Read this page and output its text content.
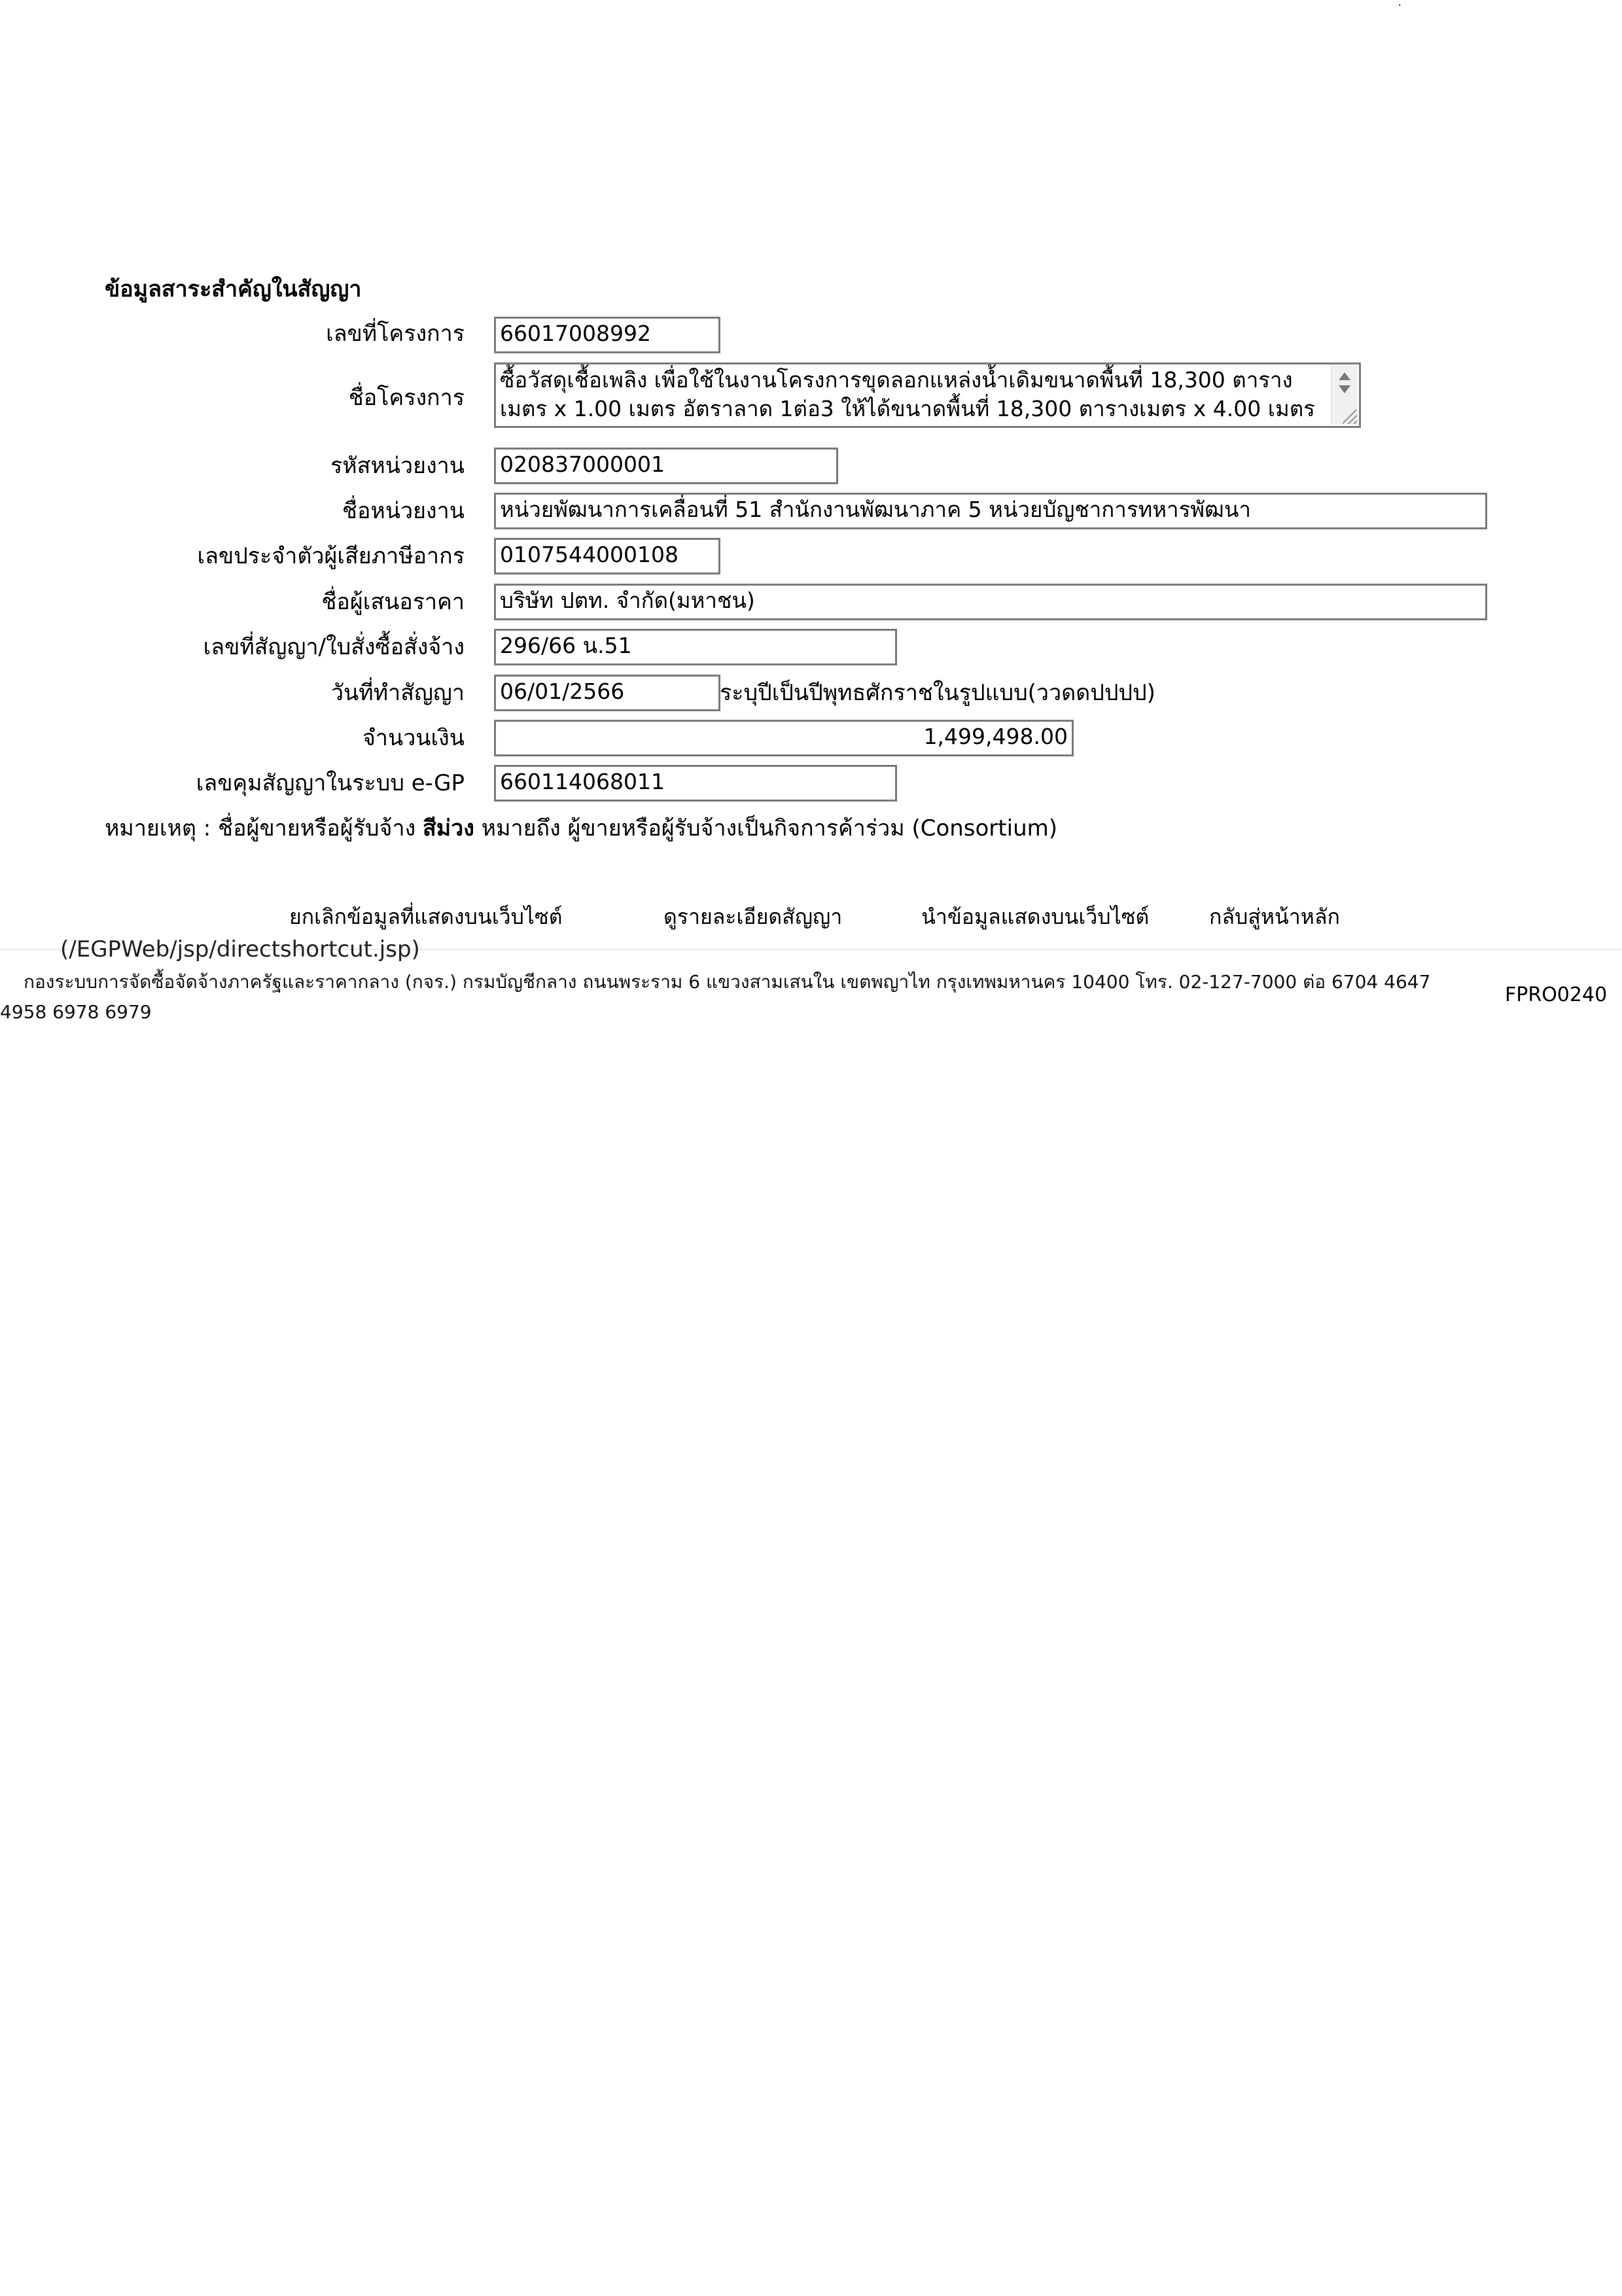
.
ข้อมูลสาระสำคัญในสัญญา
เลขที่โครงการ 66017008992
ชื่อโครงการ
ซื้อวัสดุเชื้อเพลิง เพื่อใช้ในงานโครงการขุดลอกแหล่งน้ำเดิมขนาดพื้นที่ 18,300 ตาราง
เมตร x 1.00 เมตร อัตราลาด 1ต่อ3 ให้ได้ขนาดพื้นที่ 18,300 ตารางเมตร x 4.00 เมตร
รหัสหน่วยงาน 020837000001
ชื่อหน่วยงาน หน่วยพัฒนาการเคลื่อนที่ 51 สำนักงานพัฒนาภาค 5 หน่วยบัญชาการทหารพัฒนา
เลขประจำตัวผู้เสียภาษีอากร 0107544000108
ชื่อผู้เสนอราคา บริษัท ปตท. จำกัด(มหาชน)
เลขที่สัญญา/ใบสั่งซื้อสั่งจ้าง 296/66 น.51
วันที่ทำสัญญา 06/01/2566	ระบุปีเป็นปีพุทธศักราชในรูปแบบ(ววดดปปปป)
จำนวนเงิน	1,499,498.00
เลขคุมสัญญาในระบบ e-GP 660114068011
หมายเหตุ : ชื่อผู้ขายหรือผู้รับจ้าง สีม่วง หมายถึง ผู้ขายหรือผู้รับจ้างเป็นกิจการค้าร่วม (Consortium)
ยกเลิกข้อมูลที่แสดงบนเว็บไซต์	ดูรายละเอียดสัญญา	นำข้อมูลแสดงบนเว็บไซต์	กลับสู่หน้าหลัก
(/EGPWeb/jsp/directshortcut.jsp)
กองระบบการจัดซื้อจัดจ้างภาครัฐและราคากลาง (กจร.) กรมบัญชีกลาง ถนนพระราม 6 แขวงสามเสนใน เขตพญาไท กรุงเทพมหานคร 10400 โทร. 02-127-7000 ต่อ 6704 4647
4958 6978 6979
FPRO0240
